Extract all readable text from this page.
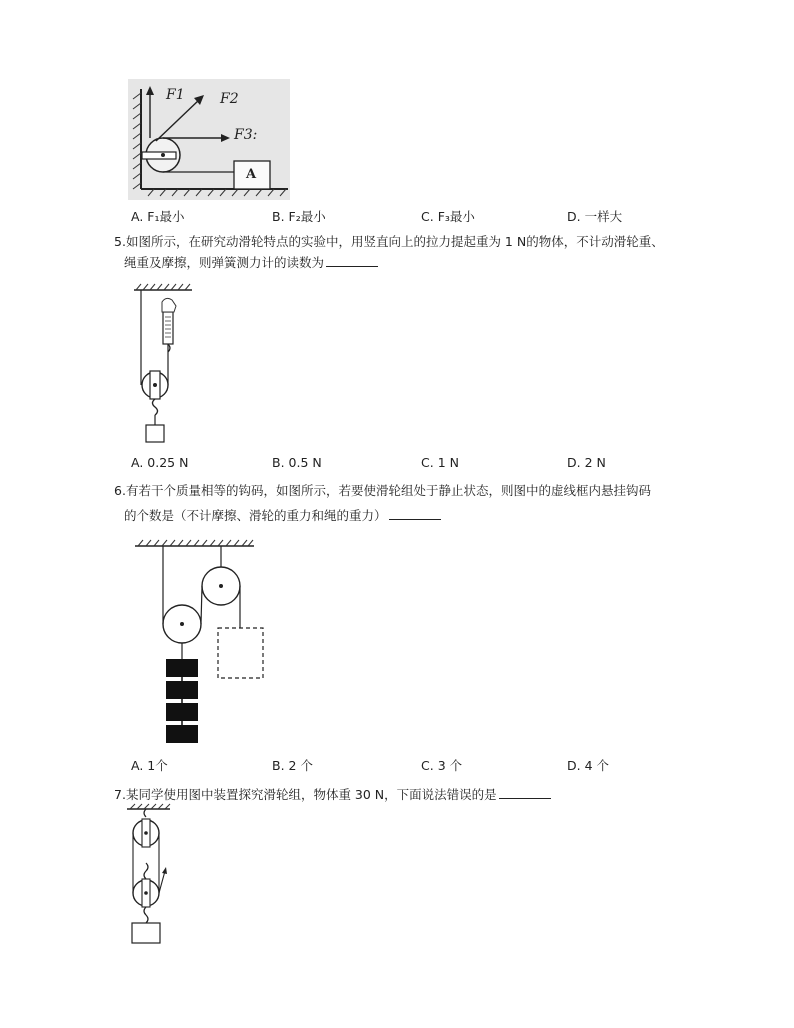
F1	F2
F3:
A
A. F₁最小	B. F₂最小	C. F₃最小	D. 一样大
5.如图所示，在研究动滑轮特点的实验中，用竖直向上的拉力提起重为 1 N的物体，不计动滑轮重、
绳重及摩擦，则弹簧测力计的读数为
A. 0.25 N	B. 0.5 N	C. 1 N	D. 2 N
6.有若干个质量相等的钩码，如图所示，若要使滑轮组处于静止状态，则图中的虚线框内悬挂钩码
的个数是（不计摩擦、滑轮的重力和绳的重力）
A. 1个	B. 2 个	C. 3 个	D. 4 个
7.某同学使用图中装置探究滑轮组，物体重 30 N，下面说法错误的是
